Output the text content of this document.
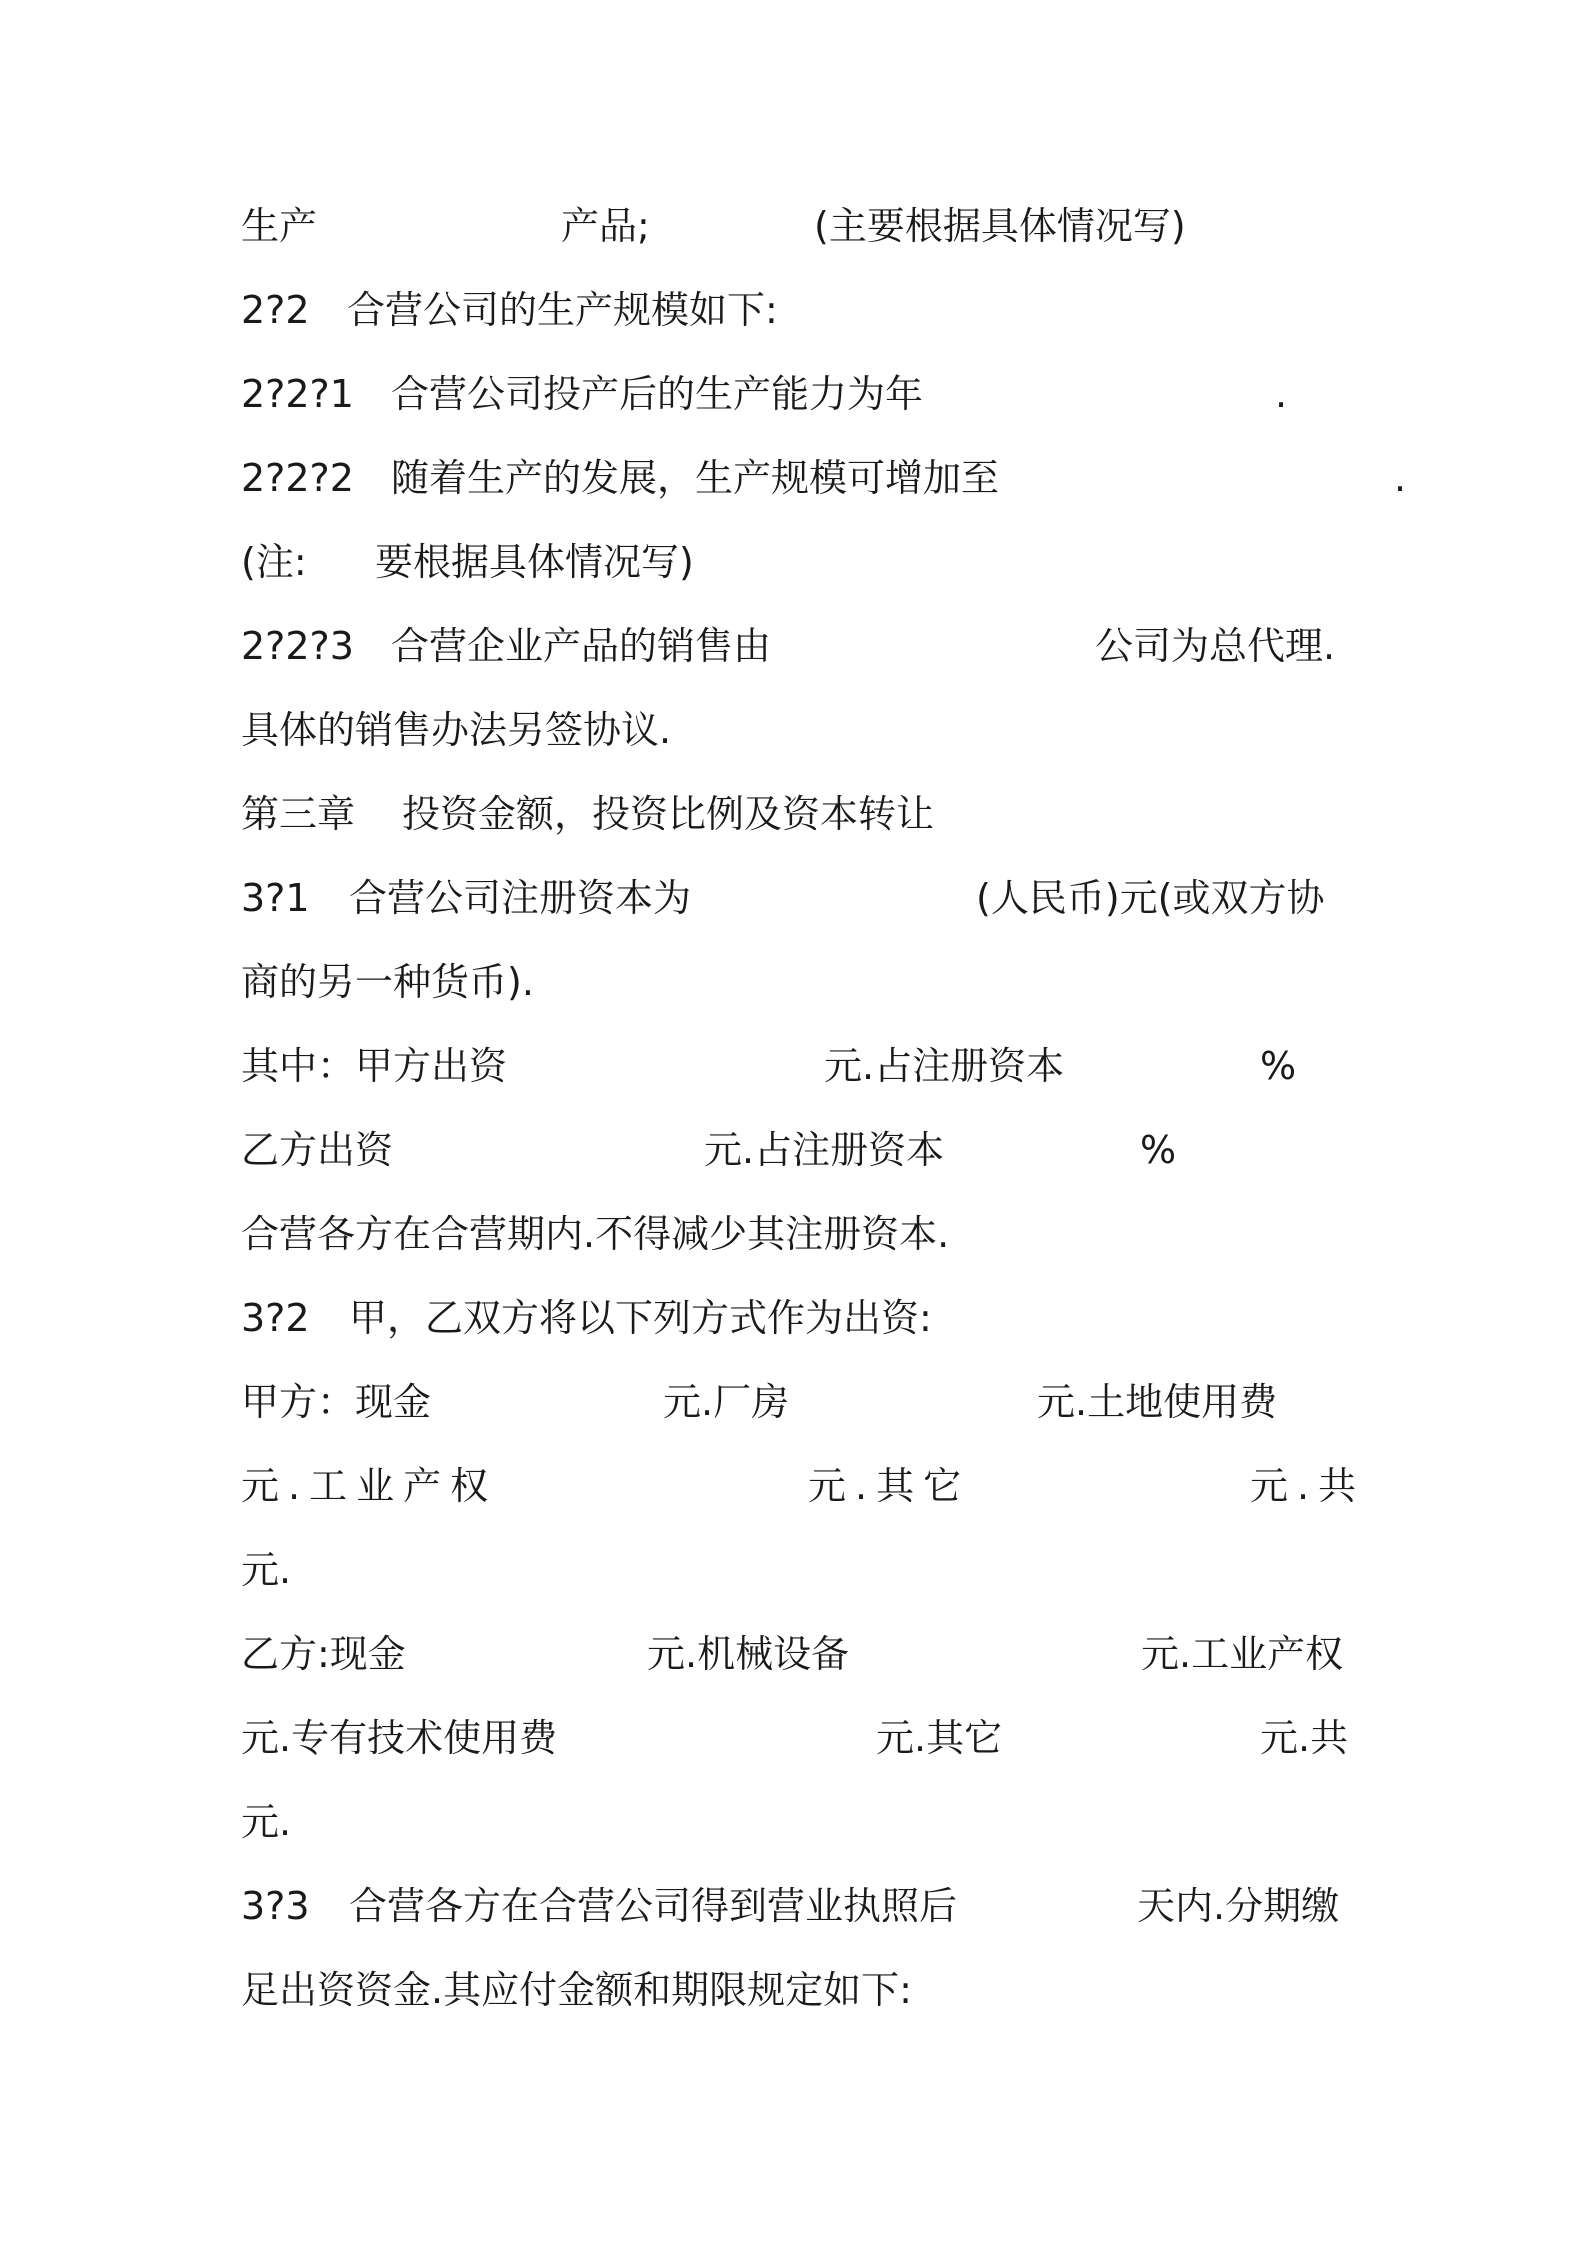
生产	产品;	(主要根据具体情况写)
2?2 合营公司的生产规模如下:
2?2?1 合营公司投产后的生产能力为年	.
2?2?2 随着生产的发展，生产规模可增加至	.
(注: 要根据具体情况写)
2?2?3 合营企业产品的销售由	公司为总代理.
具体的销售办法另签协议.
第三章 投资金额，投资比例及资本转让
3?1 合营公司注册资本为	(人民币)元(或双方协
商的另一种货币).
其中：甲方出资	元.占注册资本	%
乙方出资	元.占注册资本	%
合营各方在合营期内.不得减少其注册资本.
3?2 甲，乙双方将以下列方式作为出资:
甲方：现金	元.厂房	元.土地使用费
元.工业产权	元.其它	元.共
元.
乙方:现金	元.机械设备	元.工业产权
元.专有技术使用费	元.其它	元.共
元.
3?3 合营各方在合营公司得到营业执照后	天内.分期缴
足出资资金.其应付金额和期限规定如下:
